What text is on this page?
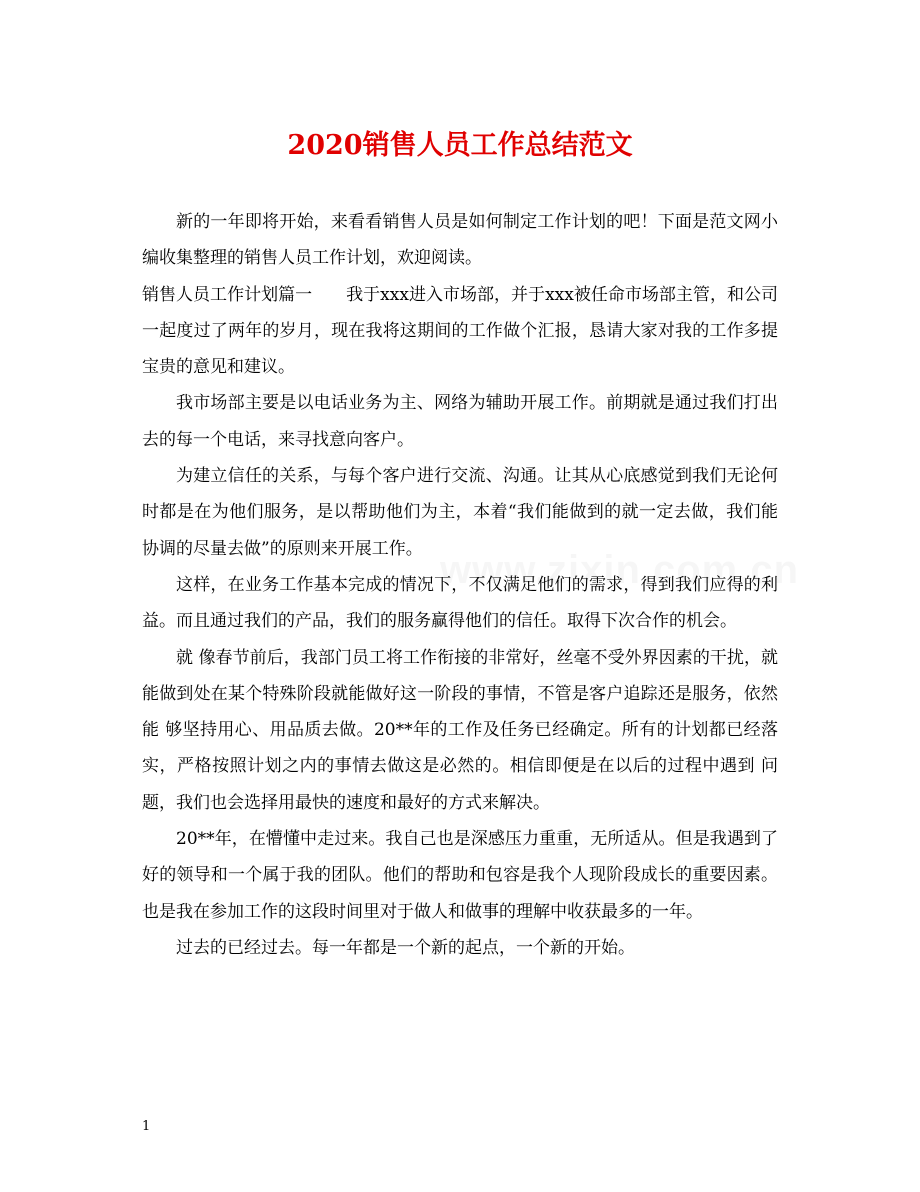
2020销售人员工作总结范文

新的一年即将开始，来看看销售人员是如何制定工作计划的吧！下面是范文网小编收集整理的销售人员工作计划，欢迎阅读。

销售人员工作计划篇一　　我于xxx进入市场部，并于xxx被任命市场部主管，和公司一起度过了两年的岁月，现在我将这期间的工作做个汇报，恳请大家对我的工作多提宝贵的意见和建议。

我市场部主要是以电话业务为主、网络为辅助开展工作。前期就是通过我们打出去的每一个电话，来寻找意向客户。

为建立信任的关系，与每个客户进行交流、沟通。让其从心底感觉到我们无论何时都是在为他们服务，是以帮助他们为主，本着“我们能做到的就一定去做，我们能协调的尽量去做”的原则来开展工作。

这样，在业务工作基本完成的情况下，不仅满足他们的需求，得到我们应得的利益。而且通过我们的产品，我们的服务赢得他们的信任。取得下次合作的机会。

就 像春节前后，我部门员工将工作衔接的非常好，丝毫不受外界因素的干扰，就能做到处在某个特殊阶段就能做好这一阶段的事情，不管是客户追踪还是服务，依然能 够坚持用心、用品质去做。20**年的工作及任务已经确定。所有的计划都已经落实，严格按照计划之内的事情去做这是必然的。相信即便是在以后的过程中遇到 问题，我们也会选择用最快的速度和最好的方式来解决。

20**年，在懵懂中走过来。我自己也是深感压力重重，无所适从。但是我遇到了好的领导和一个属于我的团队。他们的帮助和包容是我个人现阶段成长的重要因素。也是我在参加工作的这段时间里对于做人和做事的理解中收获最多的一年。

过去的已经过去。每一年都是一个新的起点，一个新的开始。

1
